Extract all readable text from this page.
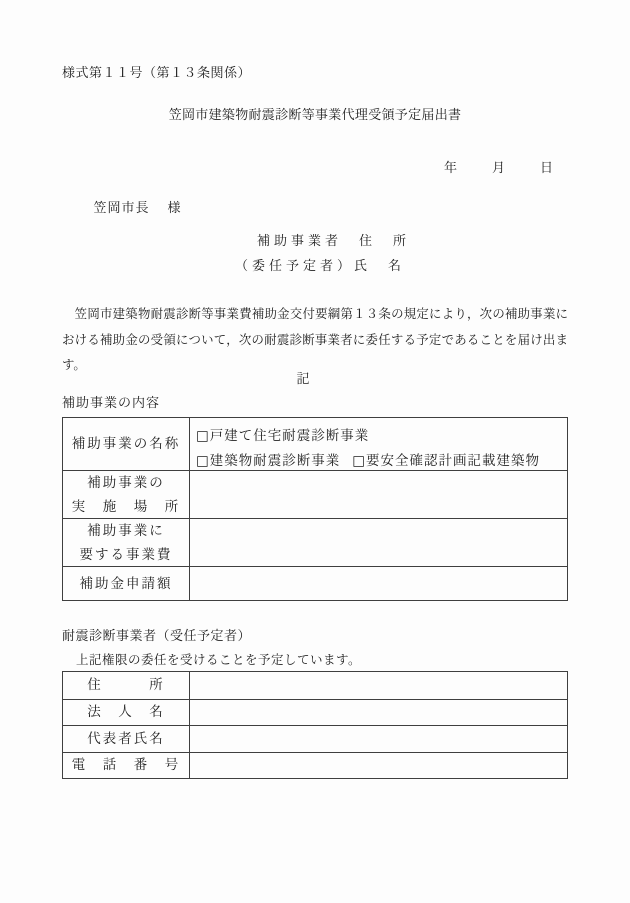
様式第１１号（第１３条関係）
笠岡市建築物耐震診断等事業代理受領予定届出書
年　　月　　日

笠岡市長 様

補助事業者　住　所
（委任予定者）氏　名
　笠岡市建築物耐震診断等事業費補助金交付要綱第１３条の規定により，次の補助事業における補助金の受領について，次の耐震診断事業者に委任する予定であることを届け出ます。
記
補助事業の内容
補助事業の名称	□戸建て住宅耐震診断事業
□建築物耐震診断事業 □要安全確認計画記載建築物
補助事業の
実　施　場　所
補助事業に
要する事業費
補助金申請額
耐震診断事業者（受任予定者）
上記権限の委任を受けることを予定しています。
住　　　所
法　人　名
代表者氏名
電　話　番　号
